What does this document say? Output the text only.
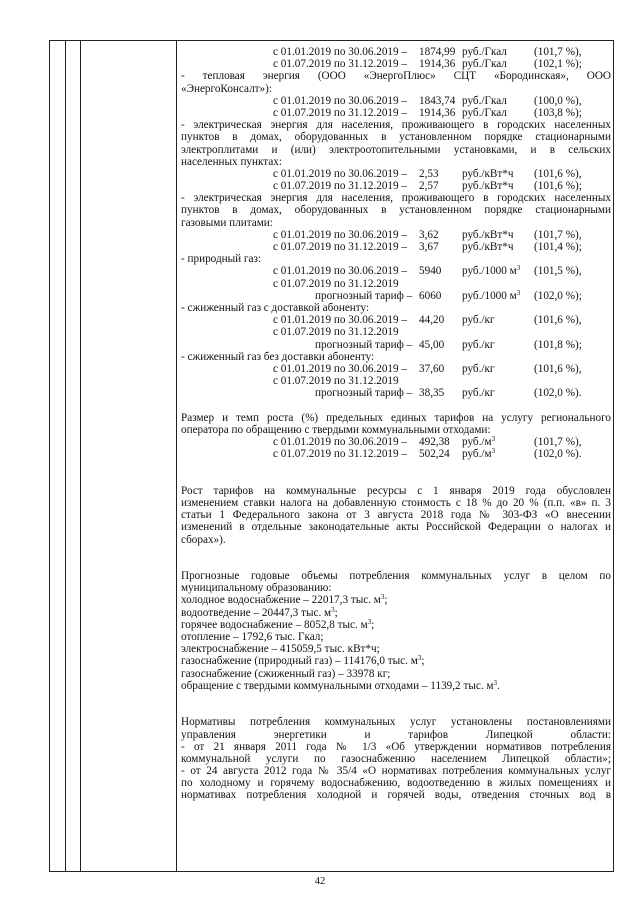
с 01.01.2019 по 30.06.2019 – 1874,99 руб./Гкал (101,7 %),
с 01.07.2019 по 31.12.2019 – 1914,36 руб./Гкал (102,1 %);
- тепловая энергия (ООО «ЭнергоПлюс» СЦТ «Бородинская», ООО
«ЭнергоКонсалт»):
с 01.01.2019 по 30.06.2019 – 1843,74 руб./Гкал (100,0 %),
с 01.07.2019 по 31.12.2019 – 1914,36 руб./Гкал (103,8 %);
- электрическая энергия для населения, проживающего в городских населенных
пунктов в домах, оборудованных в установленном порядке стационарными
электроплитами и (или) электроотопительными установками, и в сельских
населенных пунктах:
с 01.01.2019 по 30.06.2019 – 2,53 руб./кВт*ч (101,6 %),
с 01.07.2019 по 31.12.2019 – 2,57 руб./кВт*ч (101,6 %);
- электрическая энергия для населения, проживающего в городских населенных
пунктов в домах, оборудованных в установленном порядке стационарными
газовыми плитами:
с 01.01.2019 по 30.06.2019 – 3,62 руб./кВт*ч (101,7 %),
с 01.07.2019 по 31.12.2019 – 3,67 руб./кВт*ч (101,4 %);
- природный газ:
с 01.01.2019 по 30.06.2019 – 5940 руб./1000 $м^3$ (101,5 %),
с 01.07.2019 по 31.12.2019
прогнозный тариф – 6060 руб./1000 $м^3$ (102,0 %);
- сжиженный газ с доставкой абоненту:
с 01.01.2019 по 30.06.2019 – 44,20 руб./кг	(101,6 %),
с 01.07.2019 по 31.12.2019
прогнозный тариф – 45,00 руб./кг	(101,8 %);
- сжиженный газ без доставки абоненту:
с 01.01.2019 по 30.06.2019 – 37,60 руб./кг	(101,6 %),
с 01.07.2019 по 31.12.2019
прогнозный тариф – 38,35 руб./кг	(102,0 %).
Размер и темп роста (%) предельных единых тарифов на услугу регионального
оператора по обращению с твердыми коммунальными отходами:
с 01.01.2019 по 30.06.2019 – 492,38 $руб./м^3$	(101,7 %),
с 01.07.2019 по 31.12.2019 – 502,24 $руб./м^3$	(102,0 %).
Рост тарифов на коммунальные ресурсы с 1 января 2019 года обусловлен
изменением ставки налога на добавленную стоимость с 18 % до 20 % (п.п. «в» п. 3
статьи 1 Федерального закона от 3 августа 2018 года № 303-ФЗ «О внесении
изменений в отдельные законодательные акты Российской Федерации о налогах и
сборах»).
Прогнозные годовые объемы потребления коммунальных услуг в целом по
муниципальному образованию:
холодное водоснабжение – 22017,3 тыс. $м^3$;
водоотведение – 20447,3 тыс. $м^3$;
горячее водоснабжение – 8052,8 тыс. $м^3$;
отопление – 1792,6 тыс. Гкал;
электроснабжение – 415059,5 тыс. кВт*ч;
газоснабжение (природный газ) – 114176,0 тыс. $м^3$;
газоснабжение (сжиженный газ) – 33978 кг;
обращение с твердыми коммунальными отходами – 1139,2 тыс. $м^3$.
Нормативы потребления коммунальных услуг установлены постановлениями
управления энергетики и тарифов Липецкой области:
- от 21 января 2011 года № 1/3 «Об утверждении нормативов потребления
коммунальной услуги по газоснабжению населением Липецкой области»;
- от 24 августа 2012 года № 35/4 «О нормативах потребления коммунальных услуг
по холодному и горячему водоснабжению, водоотведению в жилых помещениях и
нормативах потребления холодной и горячей воды, отведения сточных вод в
42
